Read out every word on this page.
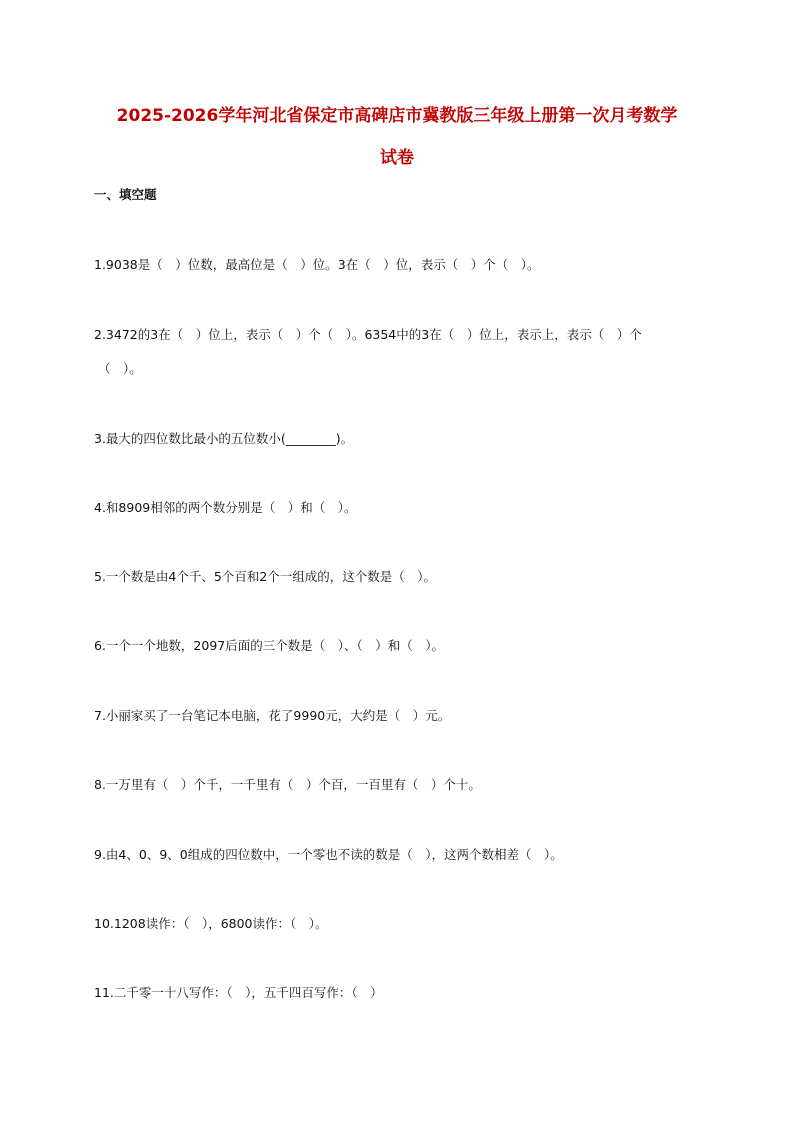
2025-2026学年河北省保定市高碑店市冀教版三年级上册第一次月考数学
试卷
一、填空题
1.9038是（　）位数，最高位是（　）位。3在（　）位，表示（　）个（　）。
2.3472的3在（　）位上，表示（　）个（　）。6354中的3在（　）位上，表示上，表示（　）个
（　）。
3.最大的四位数比最小的五位数小(________)。
4.和8909相邻的两个数分别是（　）和（　）。
5.一个数是由4个千、5个百和2个一组成的，这个数是（　）。
6.一个一个地数，2097后面的三个数是（　）、（　）和（　）。
7.小丽家买了一台笔记本电脑，花了9990元，大约是（　）元。
8.一万里有（　）个千，一千里有（　）个百，一百里有（　）个十。
9.由4、0、9、0组成的四位数中，一个零也不读的数是（　），这两个数相差（　）。
10.1208读作：（　），6800读作：（　）。
11.二千零一十八写作：（　），五千四百写作：（　）
